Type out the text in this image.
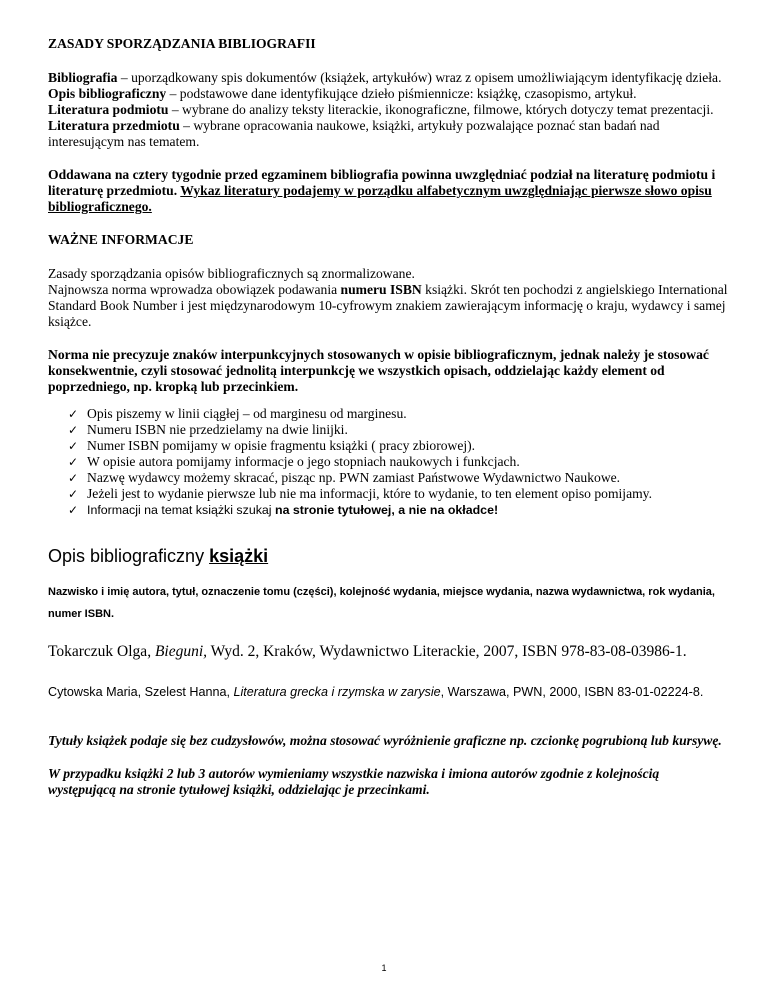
ZASADY SPORZĄDZANIA BIBLIOGRAFII

Bibliografia – uporządkowany spis dokumentów (książek, artykułów) wraz z opisem umożliwiającym identyfikację dzieła.

Opis bibliograficzny – podstawowe dane identyfikujące dzieło piśmiennicze: książkę, czasopismo, artykuł.

Literatura podmiotu – wybrane do analizy teksty literackie, ikonograficzne, filmowe, których dotyczy temat prezentacji.

Literatura przedmiotu – wybrane opracowania naukowe, książki, artykuły pozwalające poznać stan badań nad interesującym nas tematem.

Oddawana na cztery tygodnie przed egzaminem bibliografia powinna uwzględniać podział na literaturę podmiotu i literaturę przedmiotu. Wykaz literatury podajemy w porządku alfabetycznym uwzględniając pierwsze słowo opisu bibliograficznego.

WAŻNE INFORMACJE

Zasady sporządzania opisów bibliograficznych są znormalizowane.

Najnowsza norma wprowadza obowiązek podawania numeru ISBN książki. Skrót ten pochodzi z angielskiego International Standard Book Number i jest międzynarodowym 10-cyfrowym znakiem zawierającym informację o kraju, wydawcy i samej książce.

Norma nie precyzuje znaków interpunkcyjnych stosowanych w opisie bibliograficznym, jednak należy je stosować konsekwentnie, czyli stosować jednolitą interpunkcję we wszystkich opisach, oddzielając każdy element od poprzedniego, np. kropką lub przecinkiem.

✓ Opis piszemy w linii ciągłej – od marginesu od marginesu.
✓ Numeru ISBN nie przedzielamy na dwie linijki.
✓ Numer ISBN pomijamy w opisie fragmentu książki ( pracy zbiorowej).
✓ W opisie autora pomijamy informacje o jego stopniach naukowych i funkcjach.
✓ Nazwę wydawcy możemy skracać, pisząc np. PWN zamiast Państwowe Wydawnictwo Naukowe.
✓ Jeżeli jest to wydanie pierwsze lub nie ma informacji, które to wydanie, to ten element opiso pomijamy.
✓ Informacji na temat książki szukaj na stronie tytułowej, a nie na okładce!

Opis bibliograficzny książki

Nazwisko i imię autora, tytuł, oznaczenie tomu (części), kolejność wydania, miejsce wydania, nazwa wydawnictwa, rok wydania, numer ISBN.

Tokarczuk Olga, Bieguni, Wyd. 2, Kraków, Wydawnictwo Literackie, 2007, ISBN 978-83-08-03986-1.

Cytowska Maria, Szelest Hanna, Literatura grecka i rzymska w zarysie, Warszawa, PWN, 2000, ISBN 83-01-02224-8.

Tytuły książek podaje się bez cudzysłowów, można stosować wyróżnienie graficzne np. czcionkę pogrubioną lub kursywę.

W przypadku książki 2 lub 3 autorów wymieniamy wszystkie nazwiska i imiona autorów zgodnie z kolejnością występującą na stronie tytułowej książki, oddzielając je przecinkami.

1
